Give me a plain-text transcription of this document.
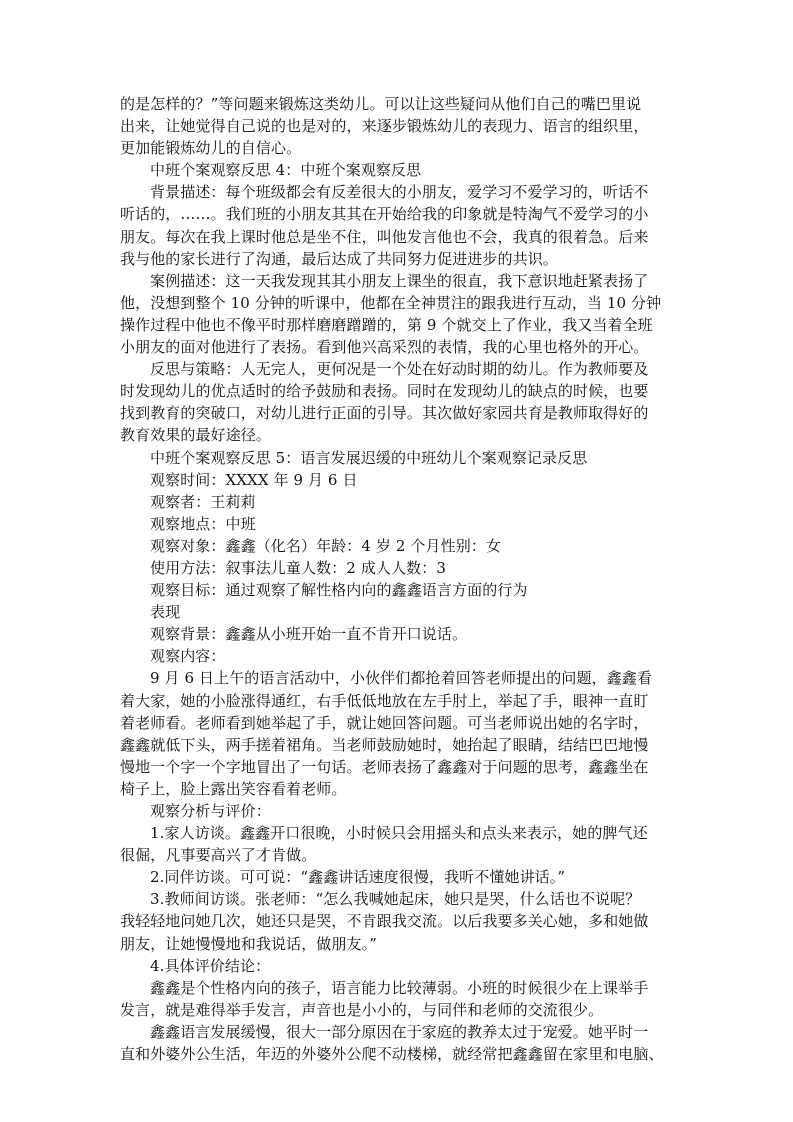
的是怎样的？”等问题来锻炼这类幼儿。可以让这些疑问从他们自己的嘴巴里说
出来，让她觉得自己说的也是对的，来逐步锻炼幼儿的表现力、语言的组织里，
更加能锻炼幼儿的自信心。
中班个案观察反思 4：中班个案观察反思
背景描述：每个班级都会有反差很大的小朋友，爱学习不爱学习的，听话不
听话的，……。我们班的小朋友其其在开始给我的印象就是特淘气不爱学习的小
朋友。每次在我上课时他总是坐不住，叫他发言他也不会，我真的很着急。后来
我与他的家长进行了沟通，最后达成了共同努力促进进步的共识。
案例描述：这一天我发现其其小朋友上课坐的很直，我下意识地赶紧表扬了
他，没想到整个 10 分钟的听课中，他都在全神贯注的跟我进行互动，当 10 分钟
操作过程中他也不像平时那样磨磨蹭蹭的，第 9 个就交上了作业，我又当着全班
小朋友的面对他进行了表扬。看到他兴高采烈的表情，我的心里也格外的开心。
反思与策略：人无完人，更何况是一个处在好动时期的幼儿。作为教师要及
时发现幼儿的优点适时的给予鼓励和表扬。同时在发现幼儿的缺点的时候，也要
找到教育的突破口，对幼儿进行正面的引导。其次做好家园共育是教师取得好的
教育效果的最好途径。
中班个案观察反思 5：语言发展迟缓的中班幼儿个案观察记录反思
观察时间：XXXX 年 9 月 6 日
观察者：王莉莉
观察地点：中班
观察对象：鑫鑫（化名）年龄：4 岁 2 个月性别：女
使用方法：叙事法儿童人数：2 成人人数：3
观察目标：通过观察了解性格内向的鑫鑫语言方面的行为
表现
观察背景：鑫鑫从小班开始一直不肯开口说话。
观察内容：
9 月 6 日上午的语言活动中，小伙伴们都抢着回答老师提出的问题，鑫鑫看
着大家，她的小脸涨得通红，右手低低地放在左手肘上，举起了手，眼神一直盯
着老师看。老师看到她举起了手，就让她回答问题。可当老师说出她的名字时，
鑫鑫就低下头，两手搓着裙角。当老师鼓励她时，她抬起了眼睛，结结巴巴地慢
慢地一个字一个字地冒出了一句话。老师表扬了鑫鑫对于问题的思考，鑫鑫坐在
椅子上，脸上露出笑容看着老师。
观察分析与评价：
1.家人访谈。鑫鑫开口很晚，小时候只会用摇头和点头来表示，她的脾气还
很倔，凡事要高兴了才肯做。
2.同伴访谈。可可说：“鑫鑫讲话速度很慢，我听不懂她讲话。”
3.教师间访谈。张老师：“怎么我喊她起床，她只是哭，什么话也不说呢？
我轻轻地问她几次，她还只是哭，不肯跟我交流。以后我要多关心她，多和她做
朋友，让她慢慢地和我说话，做朋友。”
4.具体评价结论：
鑫鑫是个性格内向的孩子，语言能力比较薄弱。小班的时候很少在上课举手
发言，就是难得举手发言，声音也是小小的，与同伴和老师的交流很少。
鑫鑫语言发展缓慢，很大一部分原因在于家庭的教养太过于宠爱。她平时一
直和外婆外公生活，年迈的外婆外公爬不动楼梯，就经常把鑫鑫留在家里和电脑、
